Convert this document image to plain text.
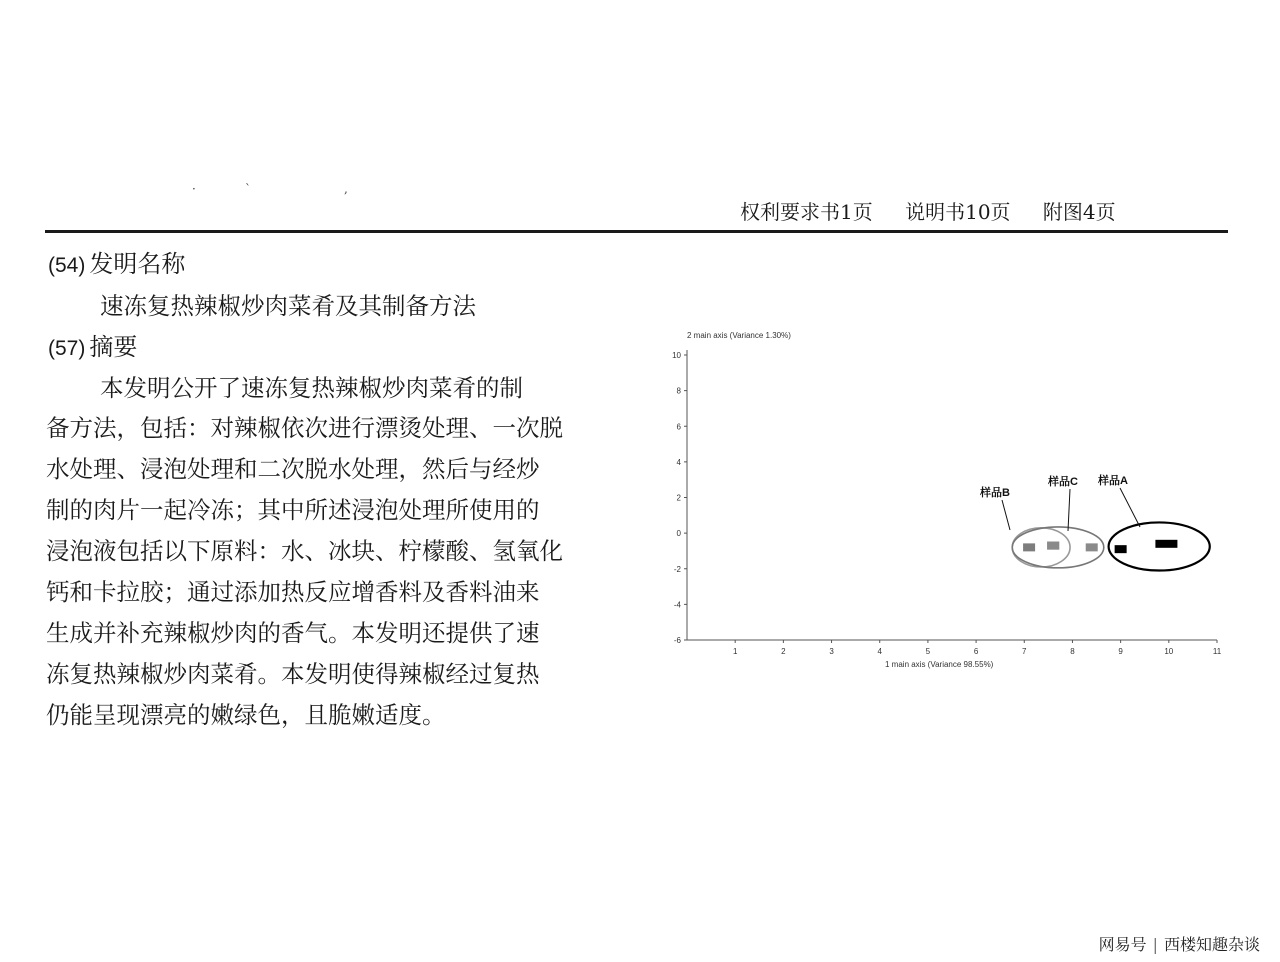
·	`	,
权利要求书1页 说明书10页 附图4页
(54) 发明名称
速冻复热辣椒炒肉菜肴及其制备方法
(57) 摘要
本发明公开了速冻复热辣椒炒肉菜肴的制
备方法，包括：对辣椒依次进行漂烫处理、一次脱
水处理、浸泡处理和二次脱水处理，然后与经炒
制的肉片一起冷冻；其中所述浸泡处理所使用的
浸泡液包括以下原料：水、冰块、柠檬酸、氢氧化
钙和卡拉胶；通过添加热反应增香料及香料油来
生成并补充辣椒炒肉的香气。本发明还提供了速
冻复热辣椒炒肉菜肴。本发明使得辣椒经过复热
仍能呈现漂亮的嫩绿色，且脆嫩适度。
2 main axis (Variance 1.30%)
1 main axis (Variance 98.55%)
1	2	3	4	5	6	7	8	9	10	11
10
8
6
4
2
0
-2
-4
-6
样品B
样品C 样品A
网易号 | 西楼知趣杂谈
